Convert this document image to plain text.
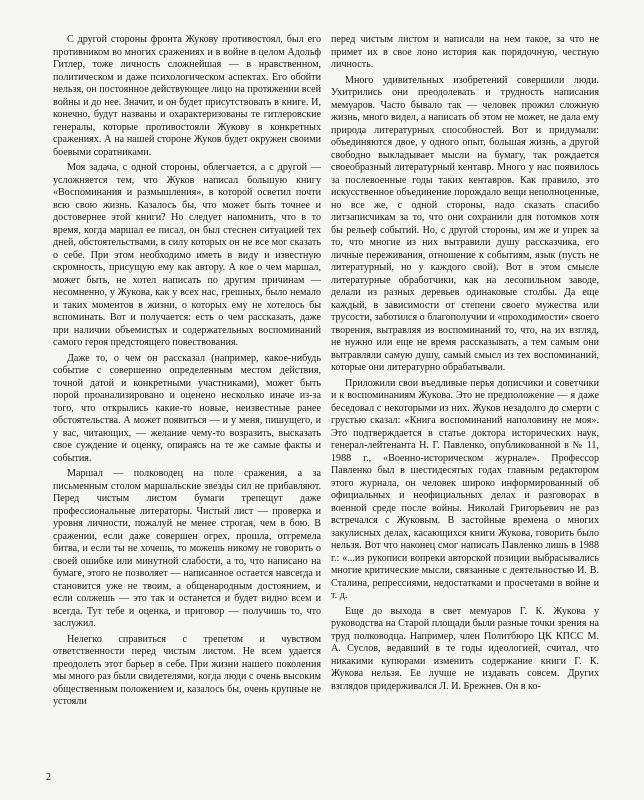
С другой стороны фронта Жукову противостоял, был его противником во многих сражениях и в войне в целом Адольф Гитлер, тоже личность сложнейшая — в нравственном, политическом и даже психологическом аспектах. Его обойти нельзя, он постоянное действующее лицо на протяжении всей войны и до нее. Значит, и он будет присутствовать в книге. И, конечно, будут названы и охарактеризованы те гитлеровские генералы, которые противостояли Жукову в конкретных сражениях. А на нашей стороне Жуков будет окружен своими боевыми соратниками.

Моя задача, с одной стороны, облегчается, а с другой — усложняется тем, что Жуков написал большую книгу «Воспоминания и размышления», в которой осветил почти всю свою жизнь. Казалось бы, что может быть точнее и достовернее этой книги? Но следует напомнить, что в то время, когда маршал ее писал, он был стеснен ситуацией тех дней, обстоятельствами, в силу которых он не все мог сказать о себе. При этом необходимо иметь в виду и известную скромность, присущую ему как автору. А кое о чем маршал, может быть, не хотел написать по другим причинам — несомненно, у Жукова, как у всех нас, грешных, было немало и таких моментов в жизни, о которых ему не хотелось бы вспоминать. Вот и получается: есть о чем рассказать, даже при наличии объемистых и содержательных воспоминаний самого героя предстоящего повествования.

Даже то, о чем он рассказал (например, какое-нибудь событие с совершенно определенным местом действия, точной датой и конкретными участниками), может быть порой проанализировано и оценено несколько иначе из-за того, что открылись какие-то новые, неизвестные ранее обстоятельства. А может появиться — и у меня, пишущего, и у вас, читающих, — желание чему-то возразить, высказать свое суждение и оценку, опираясь на те же самые факты и события.

Маршал — полководец на поле сражения, а за письменным столом маршальские звезды сил не прибавляют. Перед чистым листом бумаги трепещут даже профессиональные литераторы. Чистый лист — проверка и уровня личности, пожалуй не менее строгая, чем в бою. В сражении, если даже совершен огрех, прошла, отгремела битва, и если ты не хочешь, то можешь никому не говорить о своей ошибке или минутной слабости, а то, что написано на бумаге, этого не позволяет — написанное остается навсегда и становится уже не твоим, а общенародным достоянием, и если солжешь — это так и останется и будет видно всем и всегда. Тут тебе и оценка, и приговор — получишь то, что заслужил.

Нелегко справиться с трепетом и чувством ответственности перед чистым листом. Не всем удается преодолеть этот барьер в себе. При жизни нашего поколения мы много раз были свидетелями, когда люди с очень высоким общественным положением и, казалось бы, очень крупные не устояли

перед чистым листом и написали на нем такое, за что не примет их в свое лоно история как порядочную, честную личность.

Много удивительных изобретений совершили люди. Ухитрились они преодолевать и трудность написания мемуаров. Часто бывало так — человек прожил сложную жизнь, много видел, а написать об этом не может, не дала ему природа литературных способностей. Вот и придумали: объединяются двое, у одного опыт, большая жизнь, а другой свободно выкладывает мысли на бумагу, так рождается своеобразный литературный кентавр. Много у нас появилось за послевоенные годы таких кентавров. Как правило, это искусственное объединение порождало вещи неполноценные, но все же, с одной стороны, надо сказать спасибо литзаписчикам за то, что они сохранили для потомков хотя бы рельеф событий. Но, с другой стороны, им же и упрек за то, что многие из них вытравили душу рассказчика, его личные переживания, отношение к событиям, язык (пусть не литературный, но у каждого свой). Вот в этом смысле литературные обработчики, как на лесопильном заводе, делали из разных деревьев одинаковые столбы. Да еще каждый, в зависимости от степени своего мужества или трусости, заботился о благополучии и «проходимости» своего творения, вытравляя из воспоминаний то, что, на их взгляд, не нужно или еще не время рассказывать, а тем самым они вытравляли самую душу, самый смысл из тех воспоминаний, которые они литературно обрабатывали.

Приложили свои въедливые перья дописчики и советчики и к воспоминаниям Жукова. Это не предположение — я даже беседовал с некоторыми из них. Жуков незадолго до смерти с грустью сказал: «Книга воспоминаний наполовину не моя». Это подтверждается в статье доктора исторических наук, генерал-лейтенанта Н. Г. Павленко, опубликованной в № 11, 1988 г., «Военно-историческом журнале». Профессор Павленко был в шестидесятых годах главным редактором этого журнала, он человек широко информированный об официальных и неофициальных делах и разговорах в военной среде после войны. Николай Григорьевич не раз встречался с Жуковым. В застойные времена о многих закулисных делах, касающихся книги Жукова, говорить было нельзя. Вот что наконец смог написать Павленко лишь в 1988 г.: «...из рукописи вопреки авторской позиции выбрасывались многие критические мысли, связанные с деятельностью И. В. Сталина, репрессиями, недостатками и просчетами в войне и т. д.

Еще до выхода в свет мемуаров Г. К. Жукова у руководства на Старой площади были разные точки зрения на труд полководца. Например, член Политбюро ЦК КПСС М. А. Суслов, ведавший в те годы идеологией, считал, что никакими купюрами изменить содержание книги Г. К. Жукова нельзя. Ее лучше не издавать совсем. Других взглядов придерживался Л. И. Брежнев. Он в ко-

2
